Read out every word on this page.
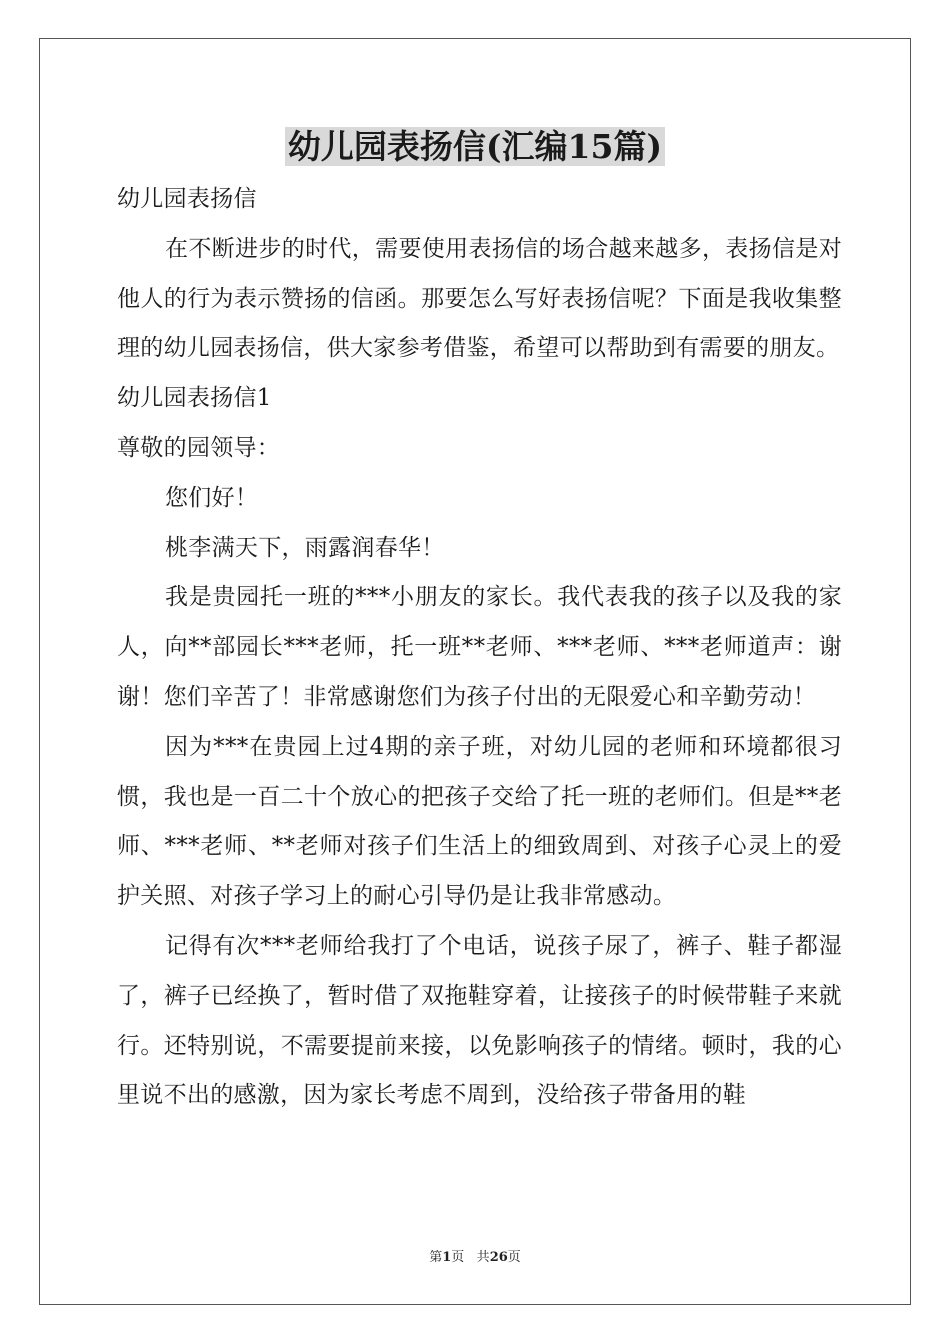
幼儿园表扬信(汇编15篇)

幼儿园表扬信

在不断进步的时代，需要使用表扬信的场合越来越多，表扬信是对他人的行为表示赞扬的信函。那要怎么写好表扬信呢？下面是我收集整理的幼儿园表扬信，供大家参考借鉴，希望可以帮助到有需要的朋友。

幼儿园表扬信1

尊敬的园领导：

您们好！

桃李满天下，雨露润春华！

我是贵园托一班的***小朋友的家长。我代表我的孩子以及我的家人，向**部园长***老师，托一班**老师、***老师、***老师道声：谢谢！您们辛苦了！非常感谢您们为孩子付出的无限爱心和辛勤劳动！

因为***在贵园上过4期的亲子班，对幼儿园的老师和环境都很习惯，我也是一百二十个放心的把孩子交给了托一班的老师们。但是**老师、***老师、**老师对孩子们生活上的细致周到、对孩子心灵上的爱护关照、对孩子学习上的耐心引导仍是让我非常感动。

记得有次***老师给我打了个电话，说孩子尿了，裤子、鞋子都湿了，裤子已经换了，暂时借了双拖鞋穿着，让接孩子的时候带鞋子来就行。还特别说，不需要提前来接，以免影响孩子的情绪。顿时，我的心里说不出的感激，因为家长考虑不周到，没给孩子带备用的鞋

第1页 共26页
